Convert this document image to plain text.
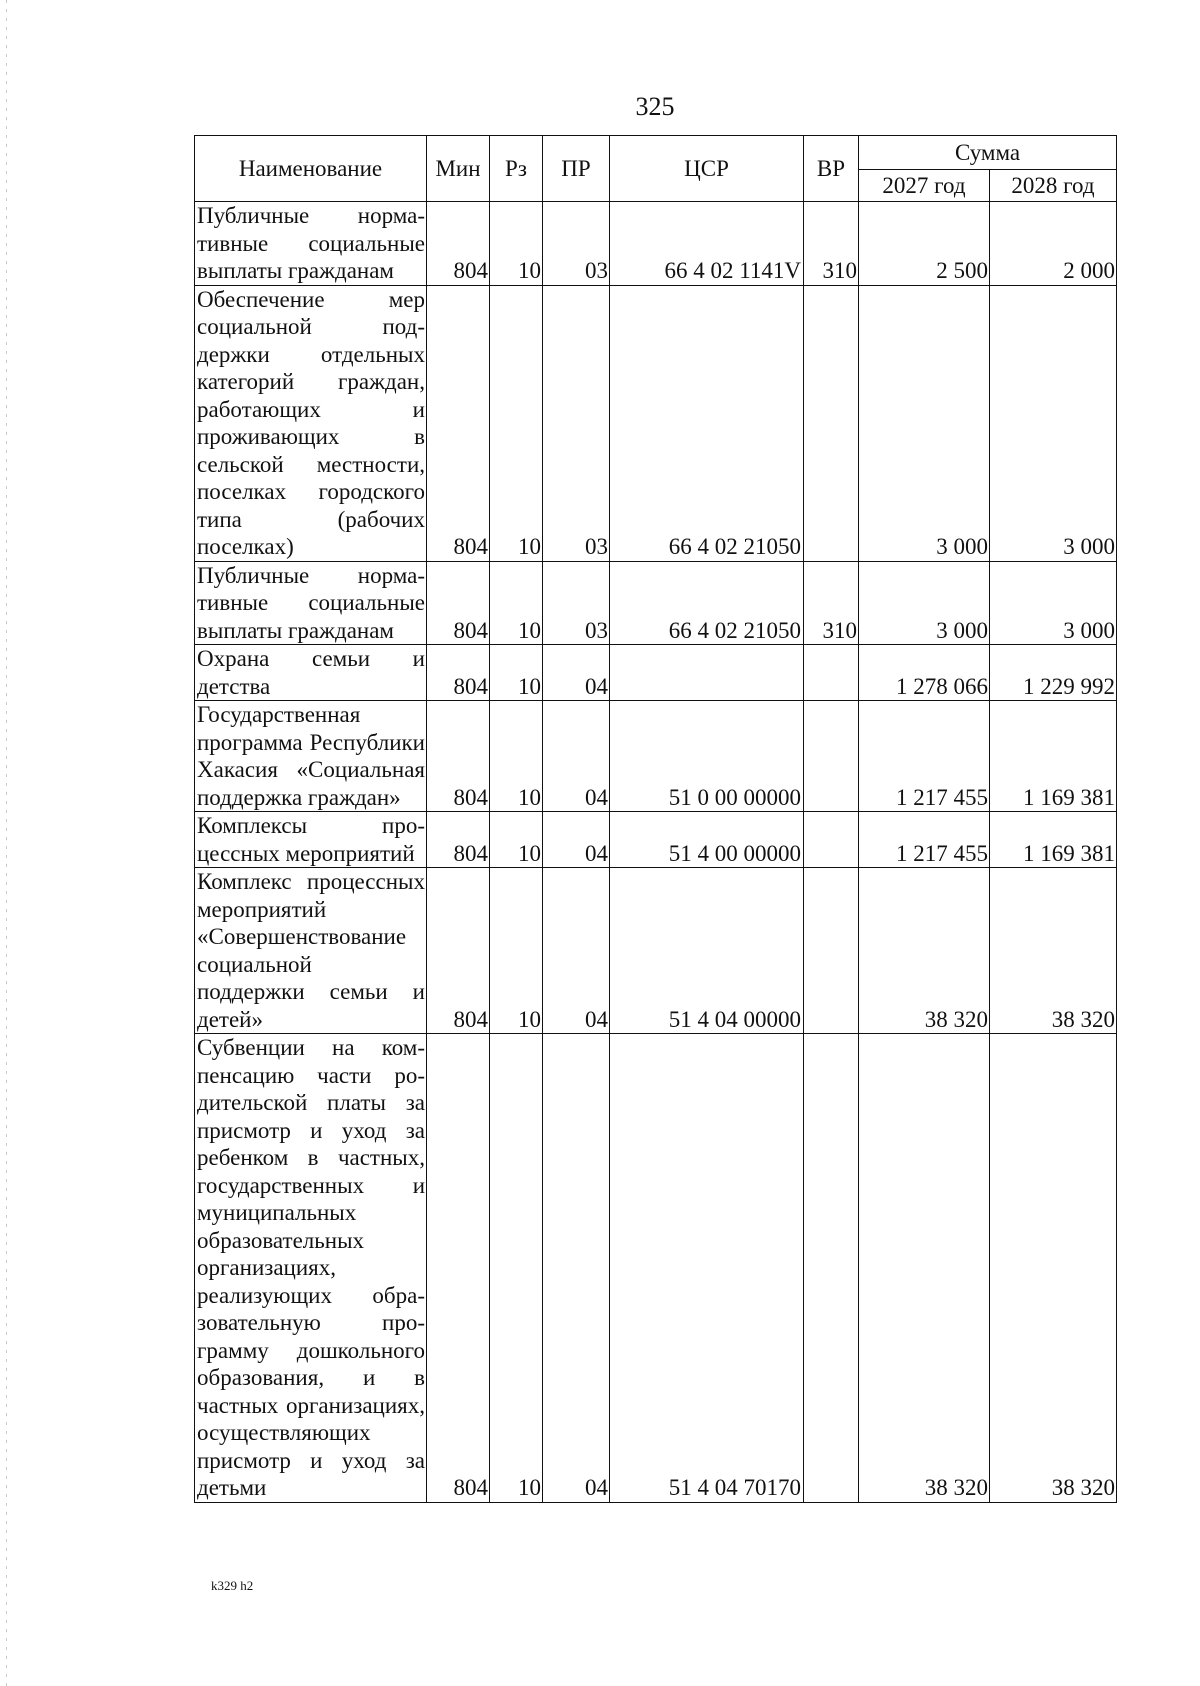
325
Наименование	Мин	Рз	ПР	ЦСР	ВР	Сумма	
						2027 год	2028 год
Публичные нормативные социальные выплаты гражданам	804	10	03	66 4 02 1141V	310	2 500	2 000
Обеспечение мер социальной поддержки отдельных категорий граждан, работающих и проживающих в сельской местности, поселках городского типа (рабочих поселках)	804	10	03	66 4 02 21050		3 000	3 000
Публичные нормативные социальные выплаты гражданам	804	10	03	66 4 02 21050	310	3 000	3 000
Охрана семьи и детства	804	10	04			1 278 066	1 229 992
Государственная программа Республики Хакасия «Социальная поддержка граждан»	804	10	04	51 0 00 00000		1 217 455	1 169 381
Комплексы процессных мероприятий	804	10	04	51 4 00 00000		1 217 455	1 169 381
Комплекс процессных мероприятий «Совершенствование социальной поддержки семьи и детей»	804	10	04	51 4 04 00000		38 320	38 320
Субвенции на компенсацию части родительской платы за присмотр и уход за ребенком в частных, государственных и муниципальных образовательных организациях, реализующих образовательную программу дошкольного образования, и в частных организациях, осуществляющих присмотр и уход за детьми	804	10	04	51 4 04 70170		38 320	38 320
k329 h2
